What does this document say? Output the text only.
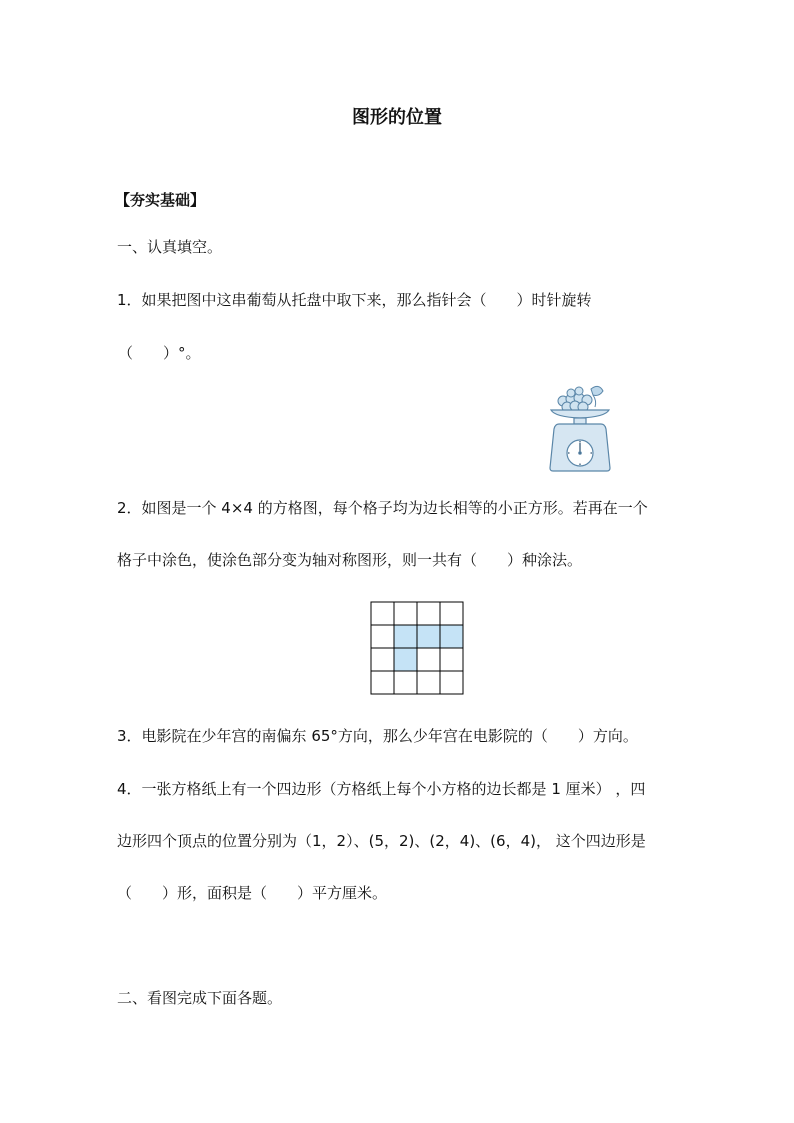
图形的位置
【夯实基础】
一、认真填空。
1．如果把图中这串葡萄从托盘中取下来，那么指针会（　　）时针旋转
（　　）°。
2．如图是一个 4×4 的方格图，每个格子均为边长相等的小正方形。若再在一个
格子中涂色，使涂色部分变为轴对称图形，则一共有（　　）种涂法。
3．电影院在少年宫的南偏东 65°方向，那么少年宫在电影院的（　　）方向。
4．一张方格纸上有一个四边形（方格纸上每个小方格的边长都是 1 厘米） ，四
边形四个顶点的位置分别为（1，2）、(5，2)、(2，4)、(6，4)， 这个四边形是
（　　）形，面积是（　　）平方厘米。
二、看图完成下面各题。
